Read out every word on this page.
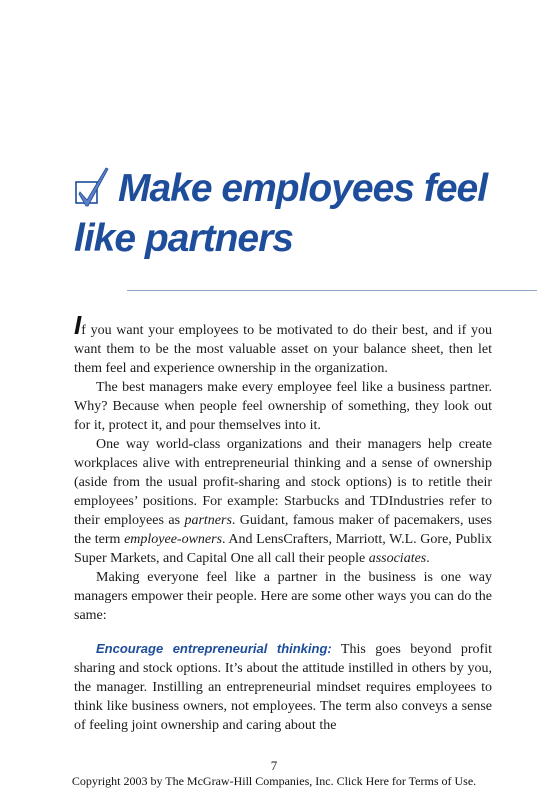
Make employees feel
like partners

If you want your employees to be motivated to do their best, and if you want them to be the most valuable asset on your balance sheet, then let them feel and experience ownership in the organization.

The best managers make every employee feel like a business partner. Why? Because when people feel ownership of something, they look out for it, protect it, and pour themselves into it.

One way world-class organizations and their managers help create workplaces alive with entrepreneurial thinking and a sense of ownership (aside from the usual profit-sharing and stock options) is to retitle their employees’ positions. For example: Starbucks and TDIndustries refer to their employees as partners. Guidant, famous maker of pacemakers, uses the term employee-owners. And LensCrafters, Marriott, W.L. Gore, Publix Super Markets, and Capital One all call their people associates.

Making everyone feel like a partner in the business is one way managers empower their people. Here are some other ways you can do the same:

Encourage entrepreneurial thinking: This goes beyond profit sharing and stock options. It’s about the attitude instilled in others by you, the manager. Instilling an entrepreneurial mindset requires employees to think like business owners, not employees. The term also conveys a sense of feeling joint ownership and caring about the

7
Copyright 2003 by The McGraw-Hill Companies, Inc. Click Here for Terms of Use.
